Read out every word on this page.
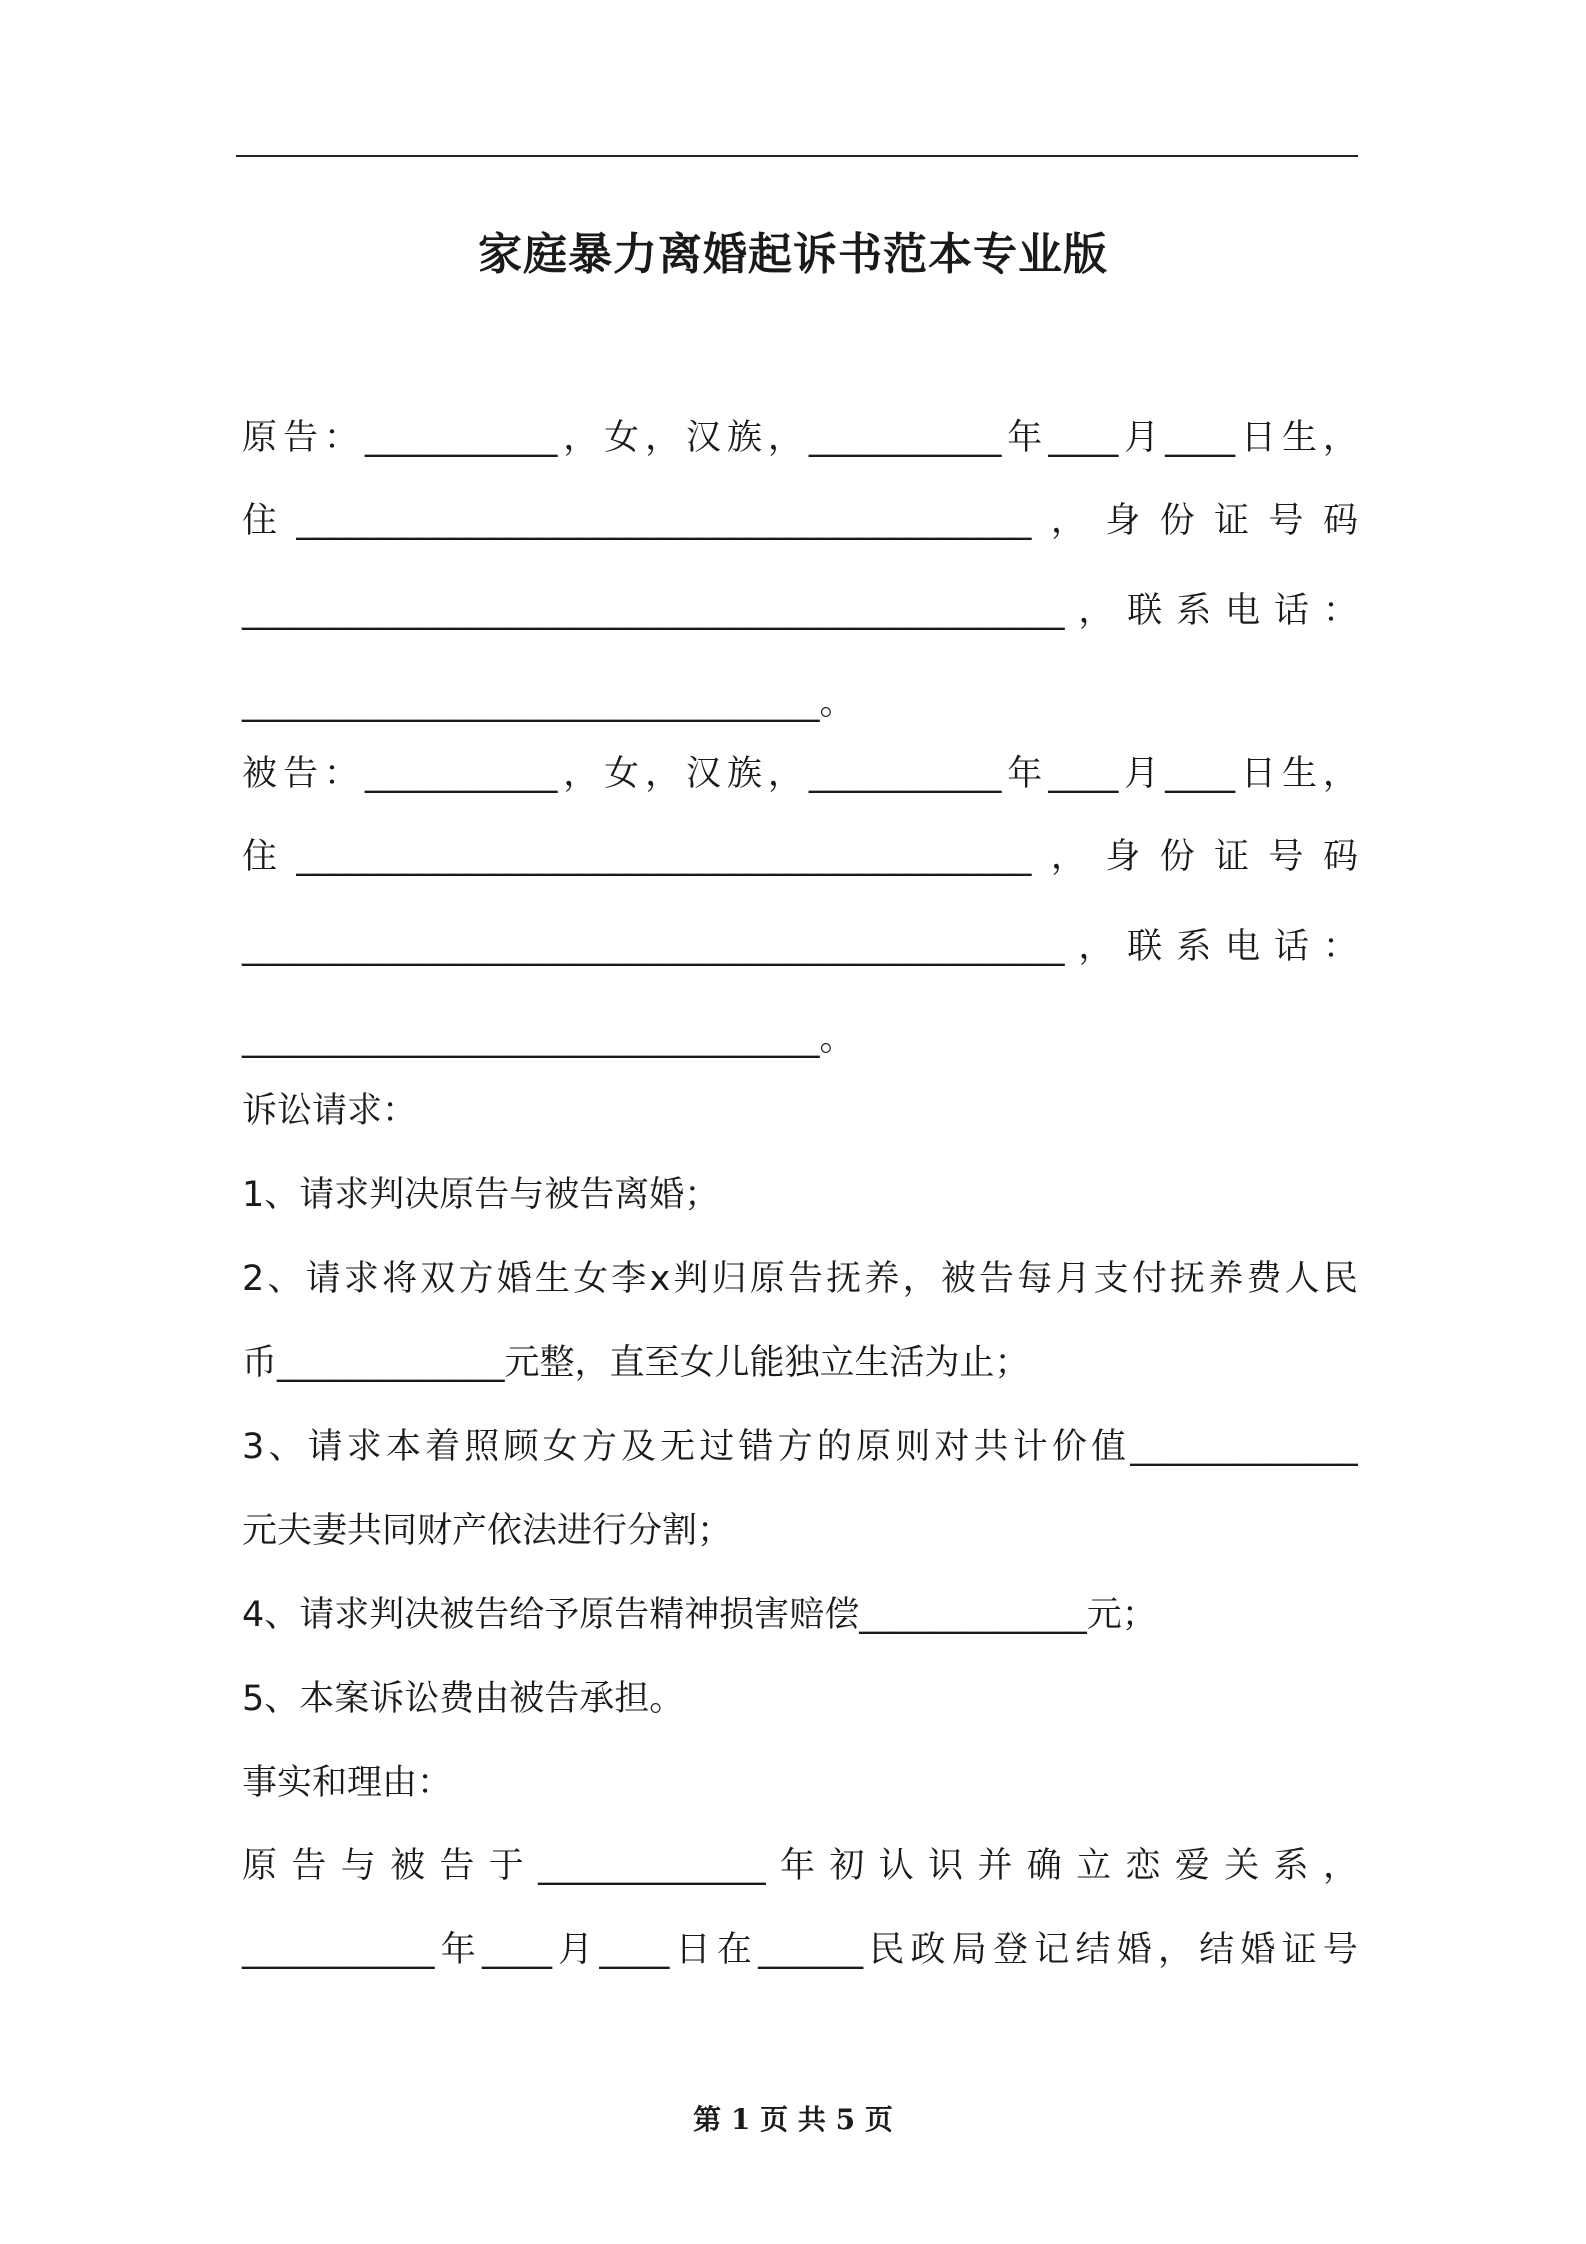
家庭暴力离婚起诉书范本专业版
原 告 ： ___________ ， 女 ， 汉 族 ， ___________ 年 ____ 月 ____ 日 生 ，
住 __________________________________________ ， 身 份 证 号 码
_______________________________________________ ， 联 系 电 话 ：
_________________________________。
被 告 ： ___________ ， 女 ， 汉 族 ， ___________ 年 ____ 月 ____ 日 生 ，
住 __________________________________________ ， 身 份 证 号 码
_______________________________________________ ， 联 系 电 话 ：
_________________________________。
诉讼请求：
1、请求判决原告与被告离婚；
2 、 请 求 将 双 方 婚 生 女 李 x 判 归 原 告 抚 养 ， 被 告 每 月 支 付 抚 养 费 人 民
币_____________元整，直至女儿能独立生活为止；
3 、 请 求 本 着 照 顾 女 方 及 无 过 错 方 的 原 则 对 共 计 价 值 _____________
元夫妻共同财产依法进行分割；
4、请求判决被告给予原告精神损害赔偿_____________元；
5、本案诉讼费由被告承担。
事实和理由：
原 告 与 被 告 于 _____________ 年 初 认 识 并 确 立 恋 爱 关 系 ，
___________ 年 ____ 月 ____ 日 在 ______ 民 政 局 登 记 结 婚 ， 结 婚 证 号
第 1 页 共 5 页
